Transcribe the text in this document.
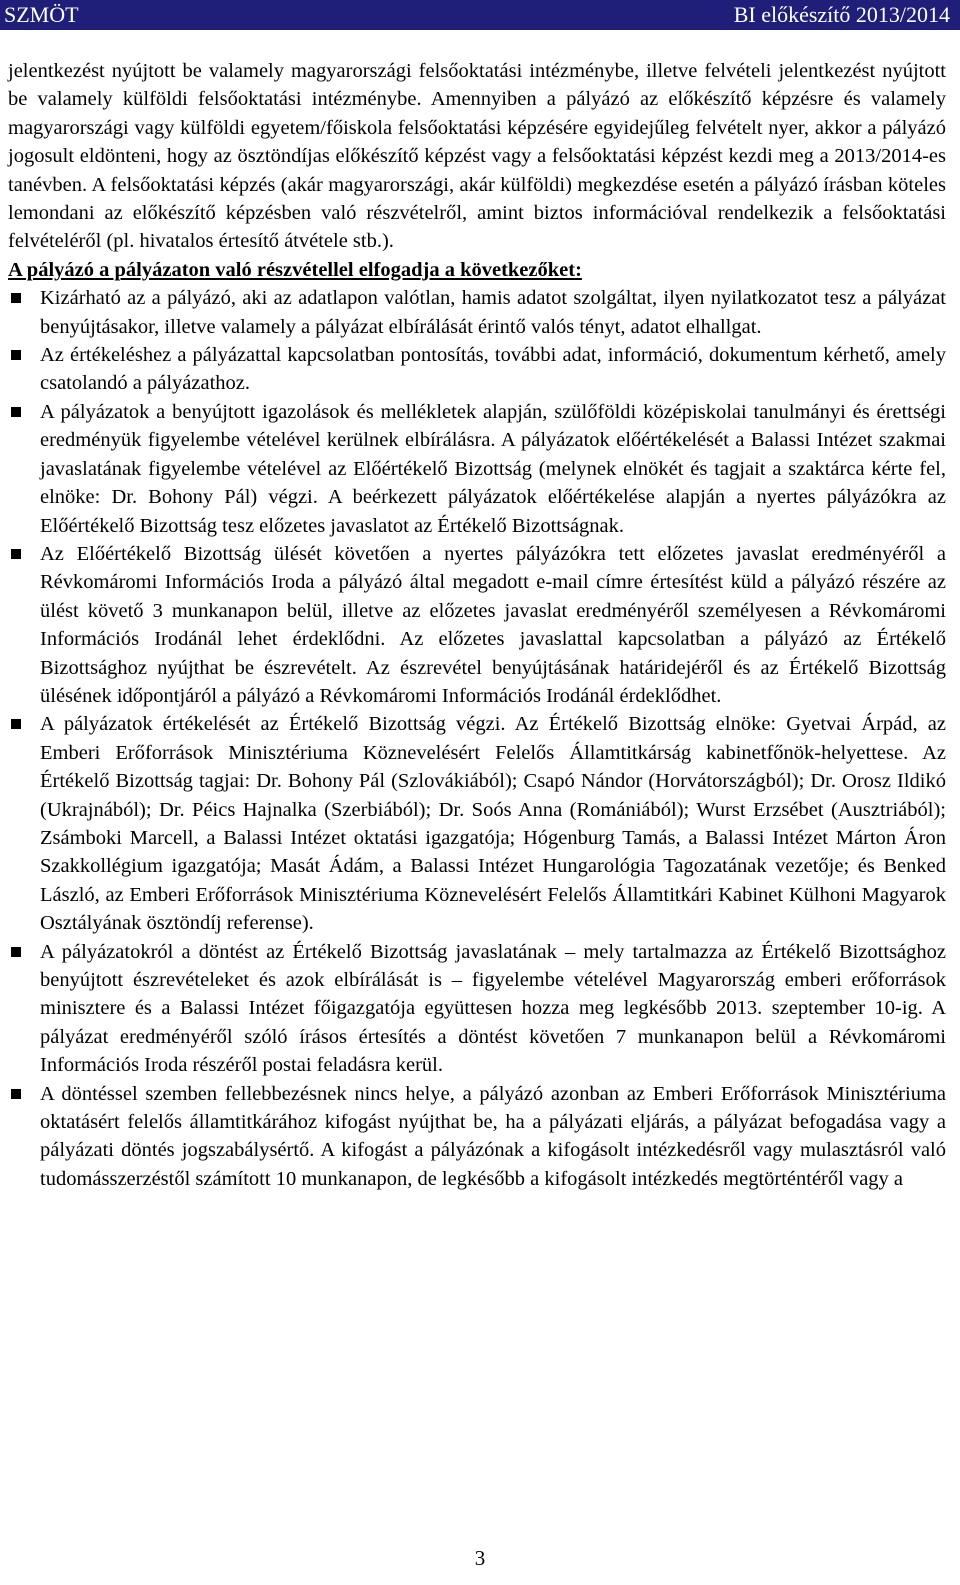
SZMÖT	BI előkészítő 2013/2014

jelentkezést nyújtott be valamely magyarországi felsőoktatási intézménybe, illetve felvételi jelentkezést nyújtott be valamely külföldi felsőoktatási intézménybe. Amennyiben a pályázó az előkészítő képzésre és valamely magyarországi vagy külföldi egyetem/főiskola felsőoktatási képzésére egyidejűleg felvételt nyer, akkor a pályázó jogosult eldönteni, hogy az ösztöndíjas előkészítő képzést vagy a felsőoktatási képzést kezdi meg a 2013/2014-es tanévben. A felsőoktatási képzés (akár magyarországi, akár külföldi) megkezdése esetén a pályázó írásban köteles lemondani az előkészítő képzésben való részvételről, amint biztos információval rendelkezik a felsőoktatási felvételéről (pl. hivatalos értesítő átvétele stb.).

A pályázó a pályázaton való részvétellel elfogadja a következőket:

Kizárható az a pályázó, aki az adatlapon valótlan, hamis adatot szolgáltat, ilyen nyilatkozatot tesz a pályázat benyújtásakor, illetve valamely a pályázat elbírálását érintő valós tényt, adatot elhallgat.
Az értékeléshez a pályázattal kapcsolatban pontosítás, további adat, információ, dokumentum kérhető, amely csatolandó a pályázathoz.
A pályázatok a benyújtott igazolások és mellékletek alapján, szülőföldi középiskolai tanulmányi és érettségi eredményük figyelembe vételével kerülnek elbírálásra. A pályázatok előértékelését a Balassi Intézet szakmai javaslatának figyelembe vételével az Előértékelő Bizottság (melynek elnökét és tagjait a szaktárca kérte fel, elnöke: Dr. Bohony Pál) végzi. A beérkezett pályázatok előértékelése alapján a nyertes pályázókra az Előértékelő Bizottság tesz előzetes javaslatot az Értékelő Bizottságnak.
Az Előértékelő Bizottság ülését követően a nyertes pályázókra tett előzetes javaslat eredményéről a Révkomáromi Információs Iroda a pályázó által megadott e-mail címre értesítést küld a pályázó részére az ülést követő 3 munkanapon belül, illetve az előzetes javaslat eredményéről személyesen a Révkomáromi Információs Irodánál lehet érdeklődni. Az előzetes javaslattal kapcsolatban a pályázó az Értékelő Bizottsághoz nyújthat be észrevételt. Az észrevétel benyújtásának határidejéről és az Értékelő Bizottság ülésének időpontjáról a pályázó a Révkomáromi Információs Irodánál érdeklődhet.
A pályázatok értékelését az Értékelő Bizottság végzi. Az Értékelő Bizottság elnöke: Gyetvai Árpád, az Emberi Erőforrások Minisztériuma Köznevelésért Felelős Államtitkárság kabinetfőnök-helyettese. Az Értékelő Bizottság tagjai: Dr. Bohony Pál (Szlovákiából); Csapó Nándor (Horvátországból); Dr. Orosz Ildikó (Ukrajnából); Dr. Péics Hajnalka (Szerbiából); Dr. Soós Anna (Romániából); Wurst Erzsébet (Ausztriából); Zsámboki Marcell, a Balassi Intézet oktatási igazgatója; Hógenburg Tamás, a Balassi Intézet Márton Áron Szakkollégium igazgatója; Masát Ádám, a Balassi Intézet Hungarológia Tagozatának vezetője; és Benked László, az Emberi Erőforrások Minisztériuma Köznevelésért Felelős Államtitkári Kabinet Külhoni Magyarok Osztályának ösztöndíj referense).
A pályázatokról a döntést az Értékelő Bizottság javaslatának – mely tartalmazza az Értékelő Bizottsághoz benyújtott észrevételeket és azok elbírálását is – figyelembe vételével Magyarország emberi erőforrások minisztere és a Balassi Intézet főigazgatója együttesen hozza meg legkésőbb 2013. szeptember 10-ig. A pályázat eredményéről szóló írásos értesítés a döntést követően 7 munkanapon belül a Révkomáromi Információs Iroda részéről postai feladásra kerül.
A döntéssel szemben fellebbezésnek nincs helye, a pályázó azonban az Emberi Erőforrások Minisztériuma oktatásért felelős államtitkárához kifogást nyújthat be, ha a pályázati eljárás, a pályázat befogadása vagy a pályázati döntés jogszabálysértő. A kifogást a pályázónak a kifogásolt intézkedésről vagy mulasztásról való tudomásszerzéstől számított 10 munkanapon, de legkésőbb a kifogásolt intézkedés megtörténtéről vagy a
3
